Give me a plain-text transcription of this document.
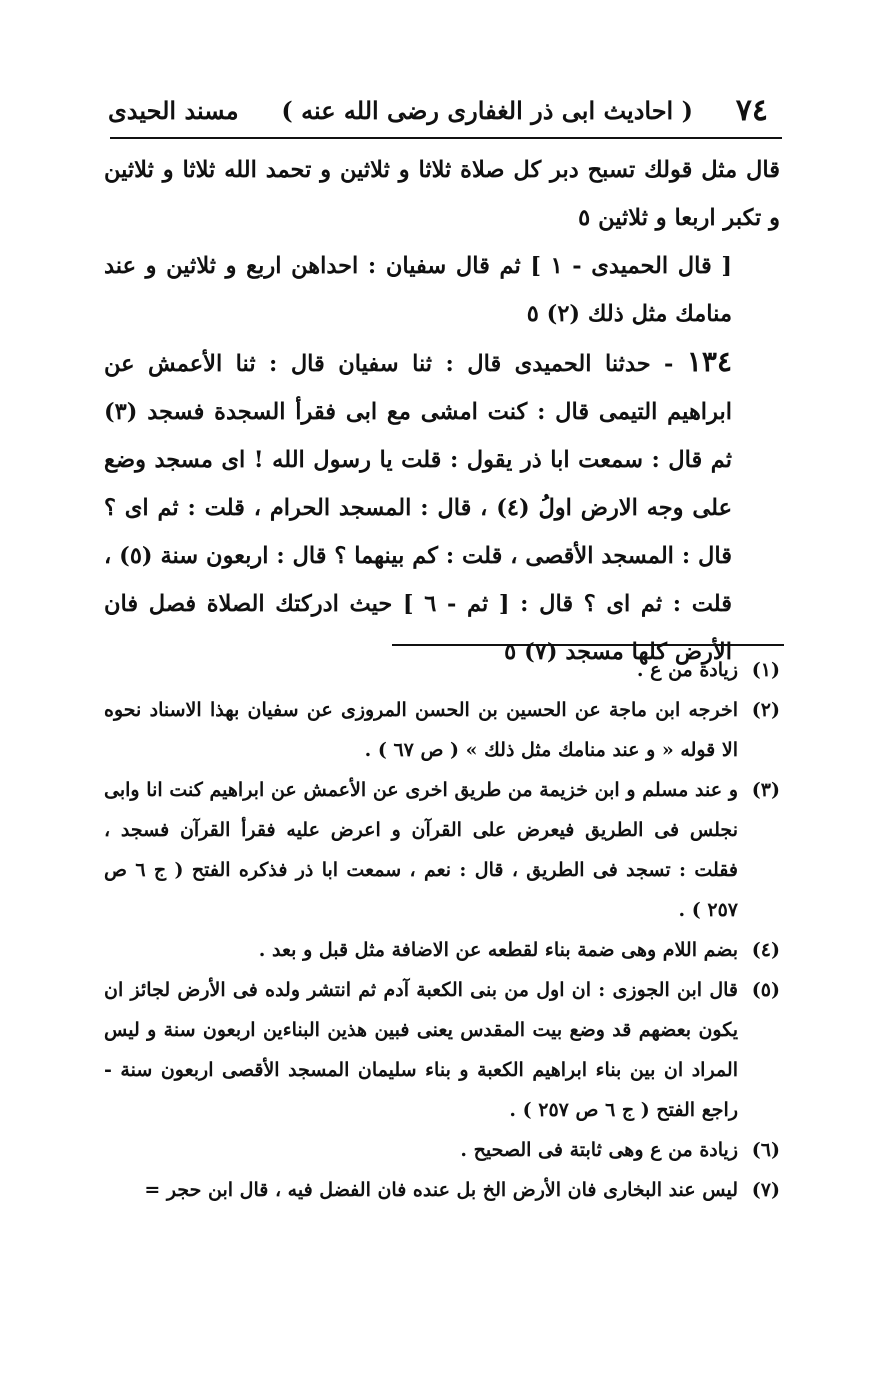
٧٤
( احاديث ابى ذر الغفارى رضى الله عنه )
مسند الحيدى

قال مثل قولك تسبح دبر كل صلاة ثلاثا و ثلاثين و تحمد الله ثلاثا و ثلاثين و تكبر اربعا و ثلاثين ٥

[ قال الحميدى - ١ ] ثم قال سفيان : احداهن اربع و ثلاثين و عند منامك مثل ذلك (٢) ٥

١٣٤ - حدثنا الحميدى قال : ثنا سفيان قال : ثنا الأعمش عن ابراهيم التيمى قال : كنت امشى مع ابى فقرأ السجدة فسجد (٣) ثم قال : سمعت ابا ذر يقول : قلت يا رسول الله ! اى مسجد وضع على وجه الارض اولُ (٤) ، قال : المسجد الحرام ، قلت : ثم اى ؟ قال : المسجد الأقصى ، قلت : كم بينهما ؟ قال : اربعون سنة (٥) ، قلت : ثم اى ؟ قال : [ ثم - ٦ ] حيث ادركتك الصلاة فصل فان الأرض كلها مسجد (٧) ٥

(١)
زيادة من ع .
(٢)
اخرجه ابن ماجة عن الحسين بن الحسن المروزى عن سفيان بهذا الاسناد نحوه الا قوله « و عند منامك مثل ذلك » ( ص ٦٧ ) .
(٣)
و عند مسلم و ابن خزيمة من طريق اخرى عن الأعمش عن ابراهيم كنت انا وابى نجلس فى الطريق فيعرض على القرآن و اعرض عليه فقرأ القرآن فسجد ، فقلت : تسجد فى الطريق ، قال : نعم ، سمعت ابا ذر فذكره الفتح ( ج ٦ ص ٢٥٧ ) .
(٤)
بضم اللام وهى ضمة بناء لقطعه عن الاضافة مثل قبل و بعد .
(٥)
قال ابن الجوزى : ان اول من بنى الكعبة آدم ثم انتشر ولده فى الأرض لجائز ان يكون بعضهم قد وضع بيت المقدس يعنى فبين هذين البناءين اربعون سنة و ليس المراد ان بين بناء ابراهيم الكعبة و بناء سليمان المسجد الأقصى اربعون سنة - راجع الفتح ( ج ٦ ص ٢٥٧ ) .
(٦)
زيادة من ع وهى ثابتة فى الصحيح .
(٧)
ليس عند البخارى فان الأرض الخ بل عنده فان الفضل فيه ، قال ابن حجر =
